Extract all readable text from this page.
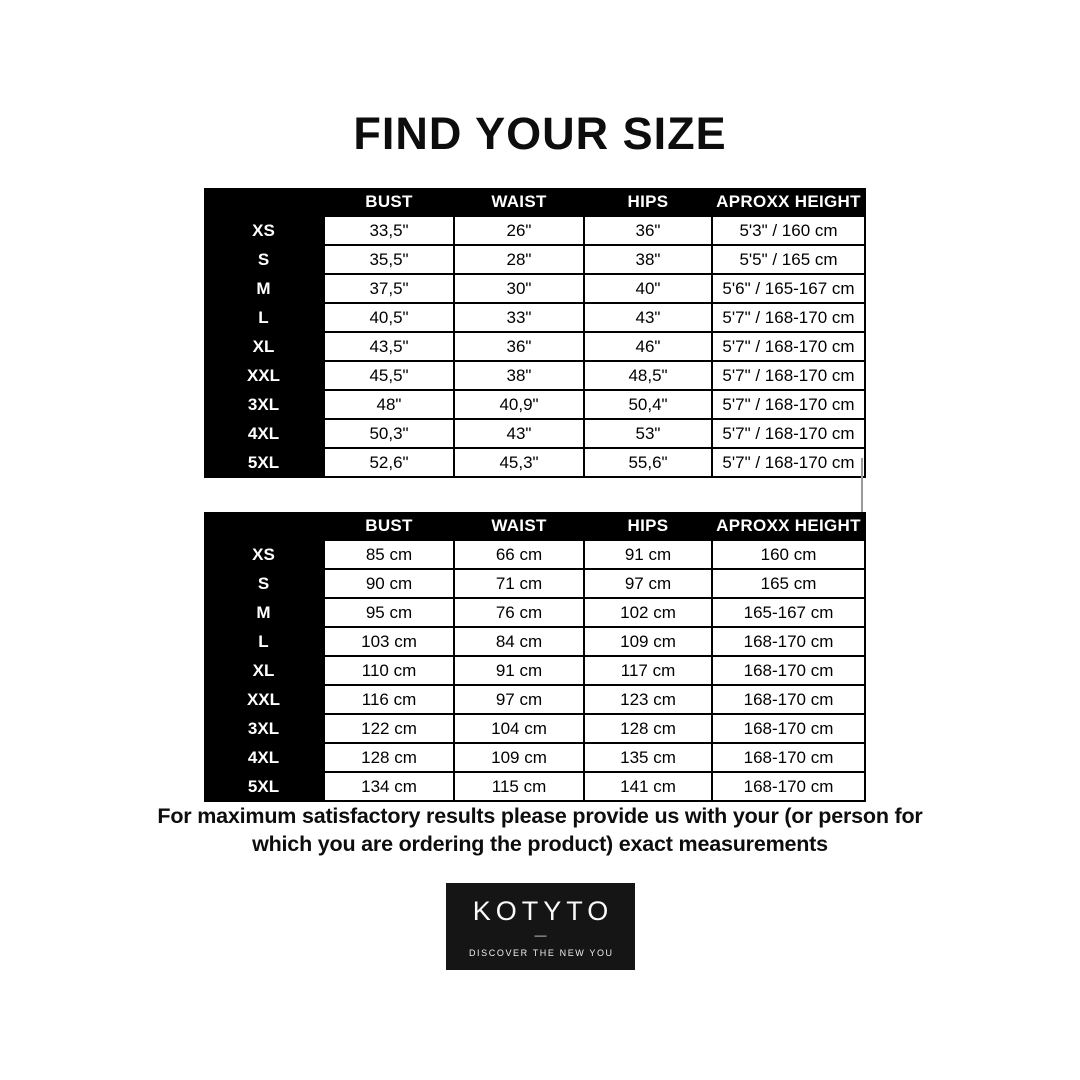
FIND YOUR SIZE
	BUST	WAIST	HIPS	APROXX HEIGHT
XS	33,5"	26"	36"	5'3" / 160 cm
S	35,5"	28"	38"	5'5" / 165 cm
M	37,5"	30"	40"	5'6" / 165-167 cm
L	40,5"	33"	43"	5'7" / 168-170 cm
XL	43,5"	36"	46"	5'7" / 168-170 cm
XXL	45,5"	38"	48,5"	5'7" / 168-170 cm
3XL	48"	40,9"	50,4"	5'7" / 168-170 cm
4XL	50,3"	43"	53"	5'7" / 168-170 cm
5XL	52,6"	45,3"	55,6"	5'7" / 168-170 cm
	BUST	WAIST	HIPS	APROXX HEIGHT
XS	85 cm	66 cm	91 cm	160 cm
S	90 cm	71 cm	97 cm	165 cm
M	95 cm	76 cm	102 cm	165-167 cm
L	103 cm	84 cm	109 cm	168-170 cm
XL	110 cm	91 cm	117 cm	168-170 cm
XXL	116 cm	97 cm	123 cm	168-170 cm
3XL	122 cm	104 cm	128 cm	168-170 cm
4XL	128 cm	109 cm	135 cm	168-170 cm
5XL	134 cm	115 cm	141 cm	168-170 cm
For maximum satisfactory results please provide us with your (or person for
which you are ordering the product) exact measurements
KOTYTO
—
DISCOVER THE NEW YOU
